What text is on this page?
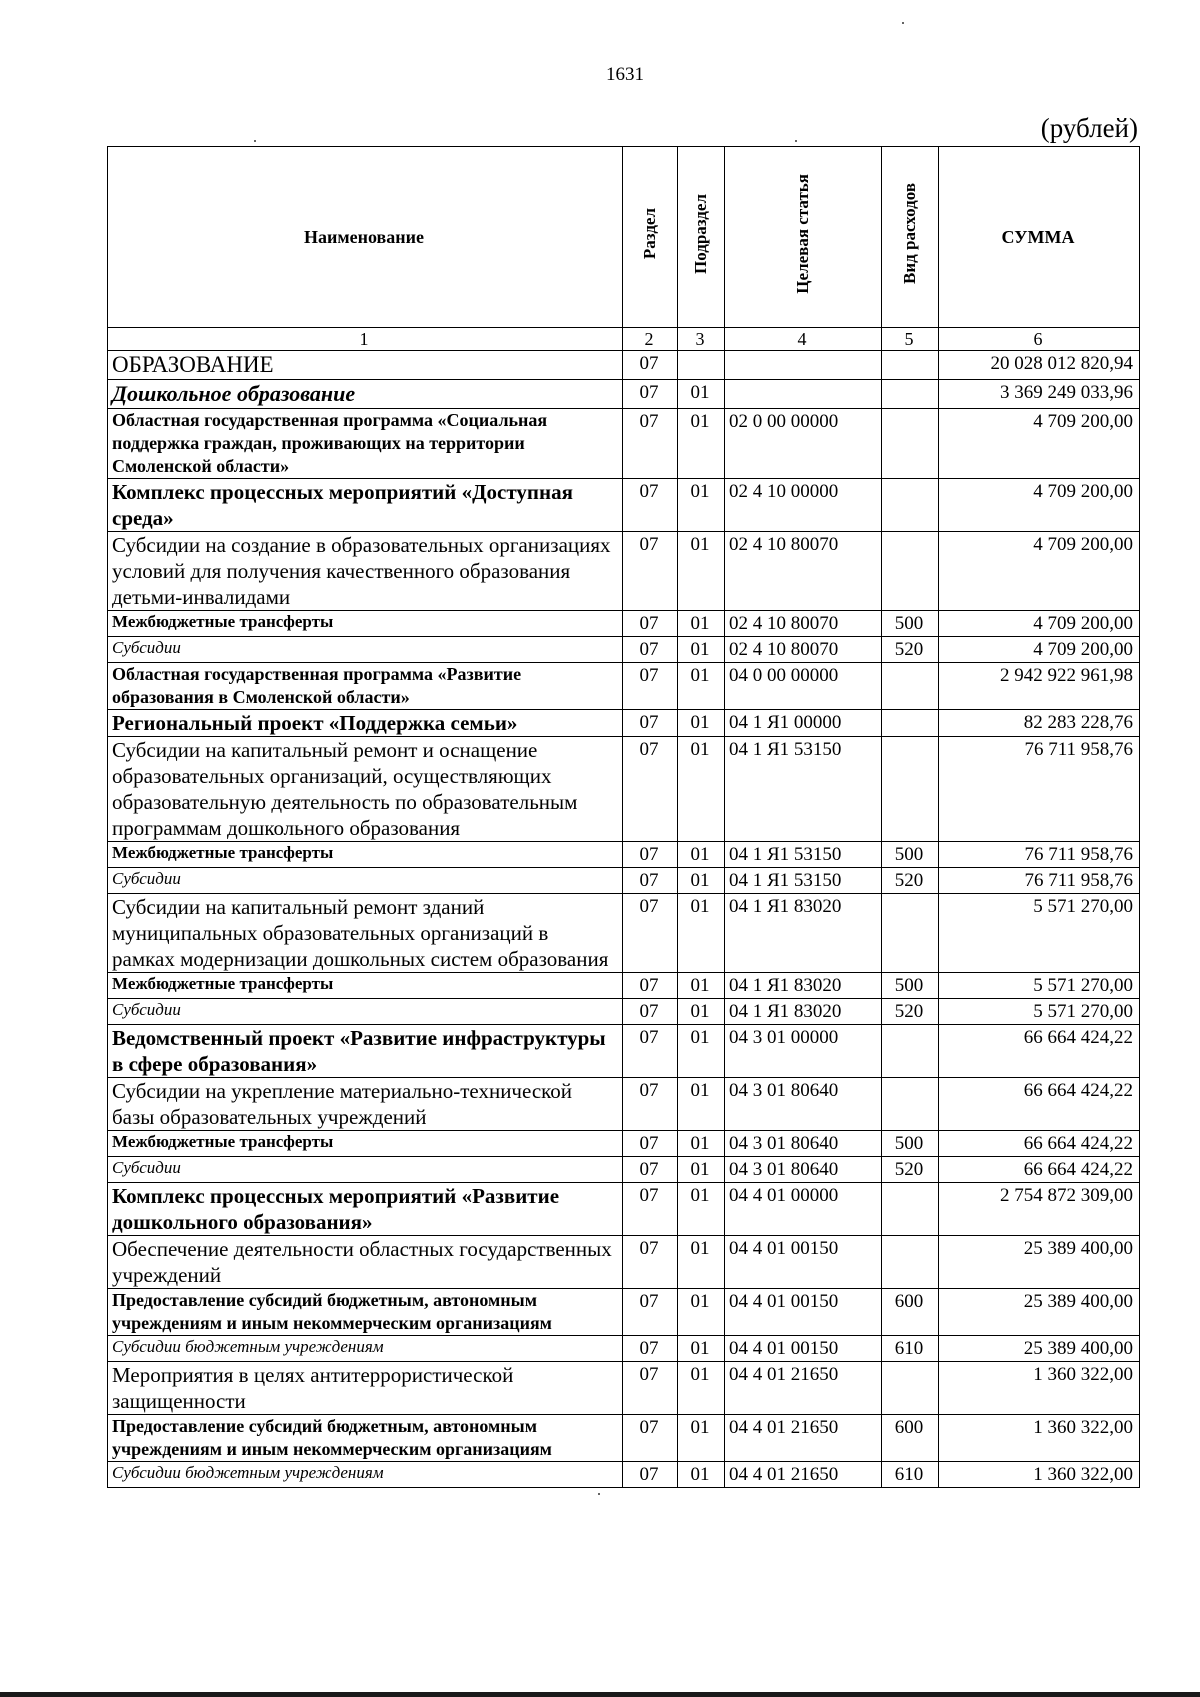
1631
(рублей)
Наименование	Раздел	Подраздел	Целевая статья	Вид расходов	СУММА
1	2	3	4	5	6
ОБРАЗОВАНИЕ	07				20 028 012 820,94
Дошкольное образование	07	01			3 369 249 033,96
Областная государственная программа «Социальная поддержка граждан, проживающих на территории Смоленской области»	07	01	02 0 00 00000		4 709 200,00
Комплекс процессных мероприятий «Доступная среда»	07	01	02 4 10 00000		4 709 200,00
Субсидии на создание в образовательных организациях условий для получения качественного образования детьми-инвалидами	07	01	02 4 10 80070		4 709 200,00
Межбюджетные трансферты	07	01	02 4 10 80070	500	4 709 200,00
Субсидии	07	01	02 4 10 80070	520	4 709 200,00
Областная государственная программа «Развитие образования в Смоленской области»	07	01	04 0 00 00000		2 942 922 961,98
Региональный проект «Поддержка семьи»	07	01	04 1 Я1 00000		82 283 228,76
Субсидии на капитальный ремонт и оснащение образовательных организаций, осуществляющих образовательную деятельность по образовательным программам дошкольного образования	07	01	04 1 Я1 53150		76 711 958,76
Межбюджетные трансферты	07	01	04 1 Я1 53150	500	76 711 958,76
Субсидии	07	01	04 1 Я1 53150	520	76 711 958,76
Субсидии на капитальный ремонт зданий муниципальных образовательных организаций в рамках модернизации дошкольных систем образования	07	01	04 1 Я1 83020		5 571 270,00
Межбюджетные трансферты	07	01	04 1 Я1 83020	500	5 571 270,00
Субсидии	07	01	04 1 Я1 83020	520	5 571 270,00
Ведомственный проект «Развитие инфраструктуры в сфере образования»	07	01	04 3 01 00000		66 664 424,22
Субсидии на укрепление материально-технической базы образовательных учреждений	07	01	04 3 01 80640		66 664 424,22
Межбюджетные трансферты	07	01	04 3 01 80640	500	66 664 424,22
Субсидии	07	01	04 3 01 80640	520	66 664 424,22
Комплекс процессных мероприятий «Развитие дошкольного образования»	07	01	04 4 01 00000		2 754 872 309,00
Обеспечение деятельности областных государственных учреждений	07	01	04 4 01 00150		25 389 400,00
Предоставление субсидий бюджетным, автономным учреждениям и иным некоммерческим организациям	07	01	04 4 01 00150	600	25 389 400,00
Субсидии бюджетным учреждениям	07	01	04 4 01 00150	610	25 389 400,00
Мероприятия в целях антитеррористической защищенности	07	01	04 4 01 21650		1 360 322,00
Предоставление субсидий бюджетным, автономным учреждениям и иным некоммерческим организациям	07	01	04 4 01 21650	600	1 360 322,00
Субсидии бюджетным учреждениям	07	01	04 4 01 21650	610	1 360 322,00
